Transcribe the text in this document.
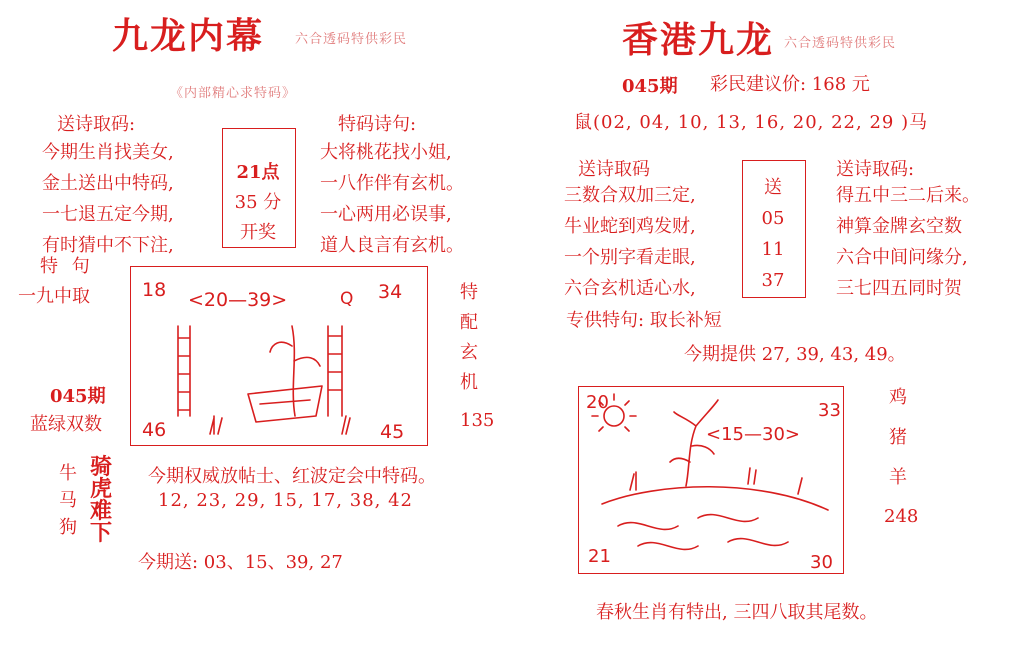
九龙内幕 六合透码特供彩民
《内部精心求特码》
送诗取码:
今期生肖找美女,
金土送出中特码,
一七退五定今期,
有时猜中不下注,
21点
35 分
开奖
特码诗句:
大将桃花找小姐,
一八作伴有玄机。
一心两用必误事,
道人良言有玄机。
特 句
一九中取
045期
蓝绿双数
18	34
46	45
<20—39>	Q	特
配
玄
机
135
牛
马
狗
骑
虎
难
下
今期权威放帖士、红波定会中特码。
12, 23, 29, 15, 17, 38, 42
今期送: 03、15、39, 27
香港九龙 六合透码特供彩民
045期 彩民建议价: 168 元
鼠(02, 04, 10, 13, 16, 20, 22, 29 )马
送诗取码
三数合双加三定,
牛业蛇到鸡发财,
一个别字看走眼,
六合玄机适心水,
送
05
11
37
送诗取码:
得五中三二后来。
神算金牌玄空数
六合中间问缘分,
三七四五同时贺
专供特句: 取长补短
今期提供 27, 39, 43, 49。
20	33
21	30
<15—30>
鸡
猪
羊
248
春秋生肖有特出, 三四八取其尾数。
